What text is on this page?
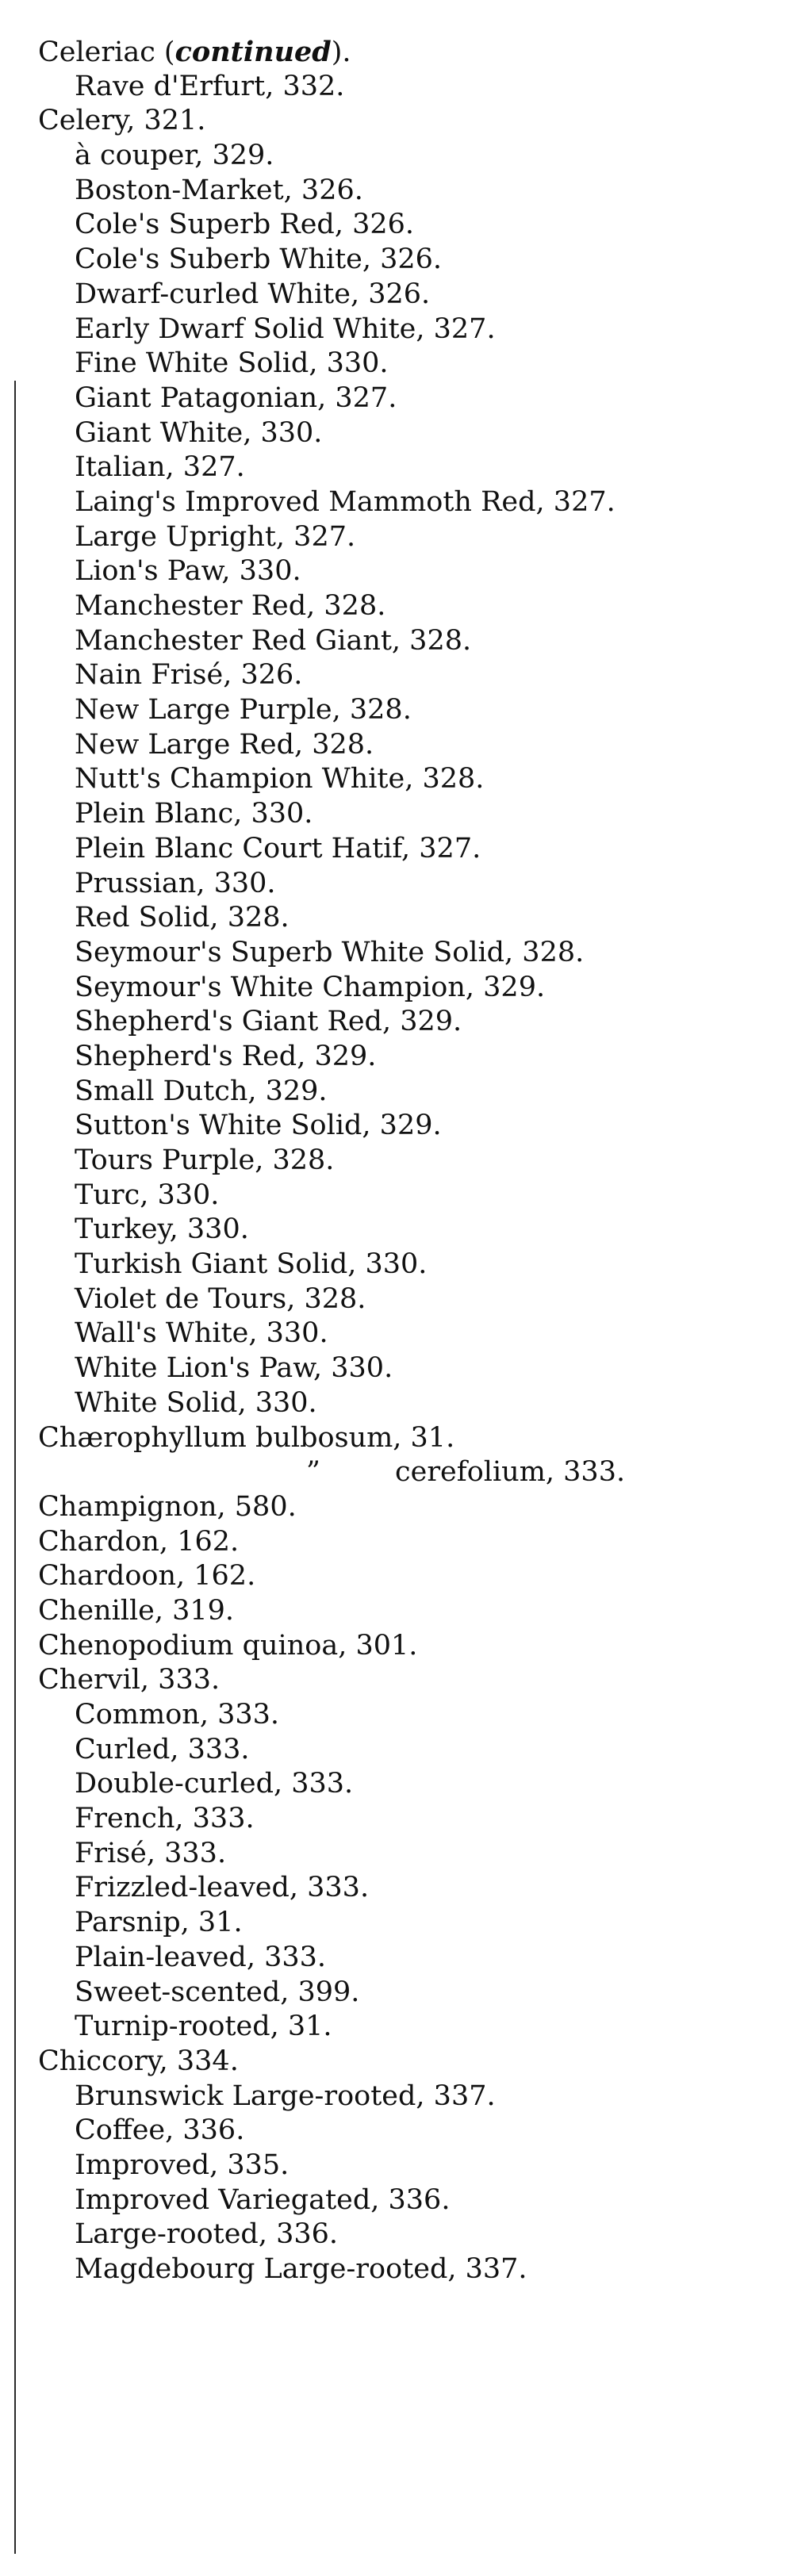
Celeriac (continued).
Rave d'Erfurt, 332.
Celery, 321.
à couper, 329.
Boston-Market, 326.
Cole's Superb Red, 326.
Cole's Suberb White, 326.
Dwarf-curled White, 326.
Early Dwarf Solid White, 327.
Fine White Solid, 330.
Giant Patagonian, 327.
Giant White, 330.
Italian, 327.
Laing's Improved Mammoth Red, 327.
Large Upright, 327.
Lion's Paw, 330.
Manchester Red, 328.
Manchester Red Giant, 328.
Nain Frisé, 326.
New Large Purple, 328.
New Large Red, 328.
Nutt's Champion White, 328.
Plein Blanc, 330.
Plein Blanc Court Hatif, 327.
Prussian, 330.
Red Solid, 328.
Seymour's Superb White Solid, 328.
Seymour's White Champion, 329.
Shepherd's Giant Red, 329.
Shepherd's Red, 329.
Small Dutch, 329.
Sutton's White Solid, 329.
Tours Purple, 328.
Turc, 330.
Turkey, 330.
Turkish Giant Solid, 330.
Violet de Tours, 328.
Wall's White, 330.
White Lion's Paw, 330.
White Solid, 330.
Chærophyllum bulbosum, 31.
”	cerefolium, 333.
Champignon, 580.
Chardon, 162.
Chardoon, 162.
Chenille, 319.
Chenopodium quinoa, 301.
Chervil, 333.
Common, 333.
Curled, 333.
Double-curled, 333.
French, 333.
Frisé, 333.
Frizzled-leaved, 333.
Parsnip, 31.
Plain-leaved, 333.
Sweet-scented, 399.
Turnip-rooted, 31.
Chiccory, 334.
Brunswick Large-rooted, 337.
Coffee, 336.
Improved, 335.
Improved Variegated, 336.
Large-rooted, 336.
Magdebourg Large-rooted, 337.
